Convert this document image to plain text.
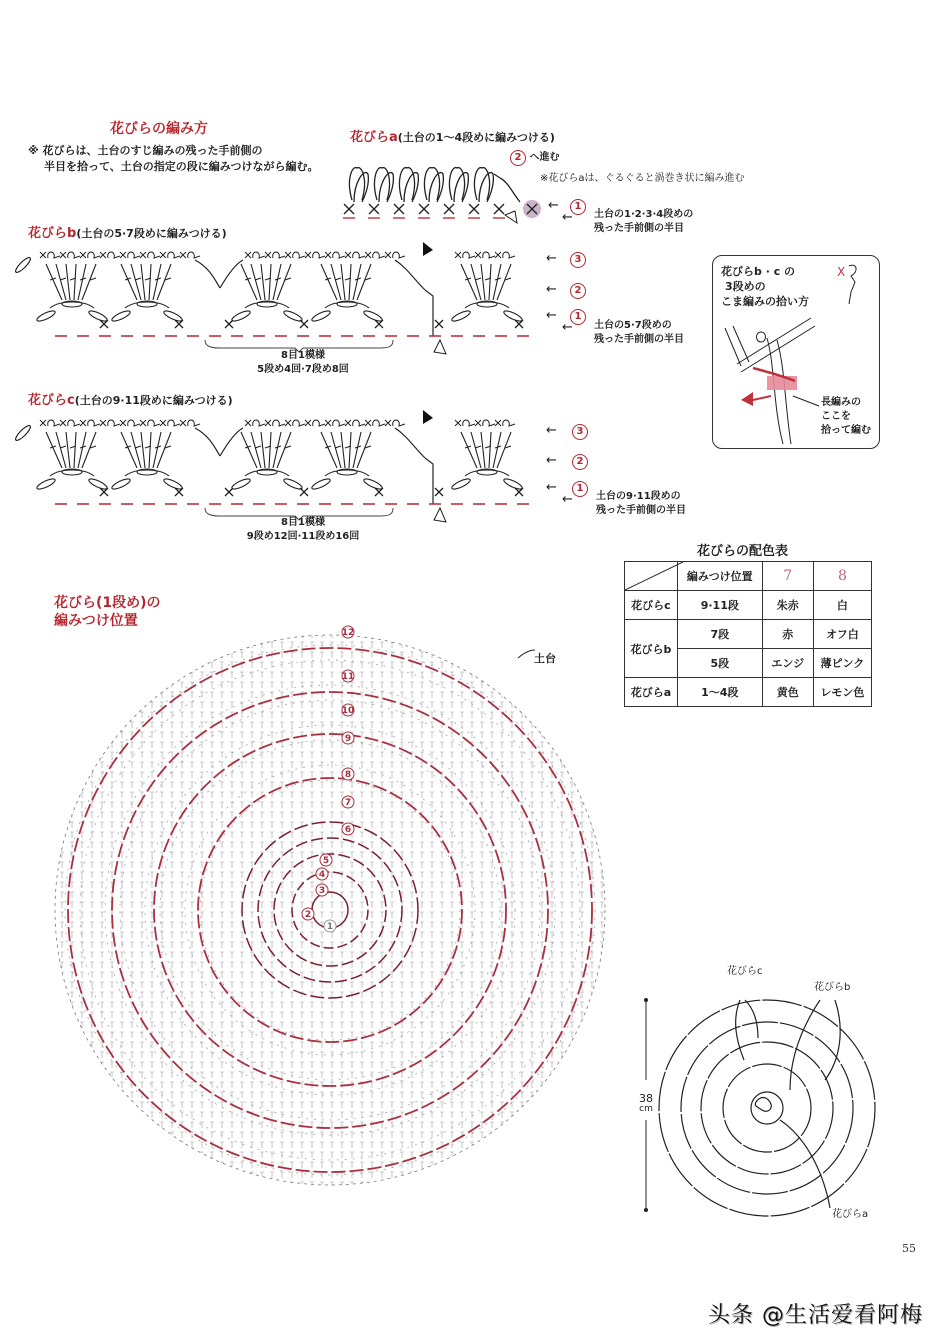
花びらの編み方
※ 花びらは、土台のすじ編みの残った手前側の
半目を拾って、土台の指定の段に編みつけながら編む。
花びらa(土台の1〜4段めに編みつける)
2 へ進む
※花びらaは、ぐるぐると渦巻き状に編み進む
←	1
← 土台の1·2·3·4段めの
残った手前側の半目
花びらb(土台の5·7段めに編みつける)
8目1模様
5段め4回·7段め8回
←	3
←	2
←	1
← 土台の5·7段めの
残った手前側の半目
花びらb · c の
3段めの
こま編みの拾い方
X
長編みの
ここを
拾って編む
花びらc(土台の9·11段めに編みつける)
8目1模様
9段め12回·11段め16回
←	3
←	2
←	1
← 土台の9·11段めの
残った手前側の半目
花びらの配色表
	編みつけ位置	7	8
花びらc	9·11段	朱赤	白
花びらb	7段	赤	オフ白
	5段	エンジ	薄ピンク
花びらa	1〜4段	黄色	レモン色
花びら(1段め)の
編みつけ位置
土台
12
11
10
9
8
7
6
5
4
3
2
1
花びらc
花びらb
花びらa
38
cm
55
头条 @生活爱看阿梅
